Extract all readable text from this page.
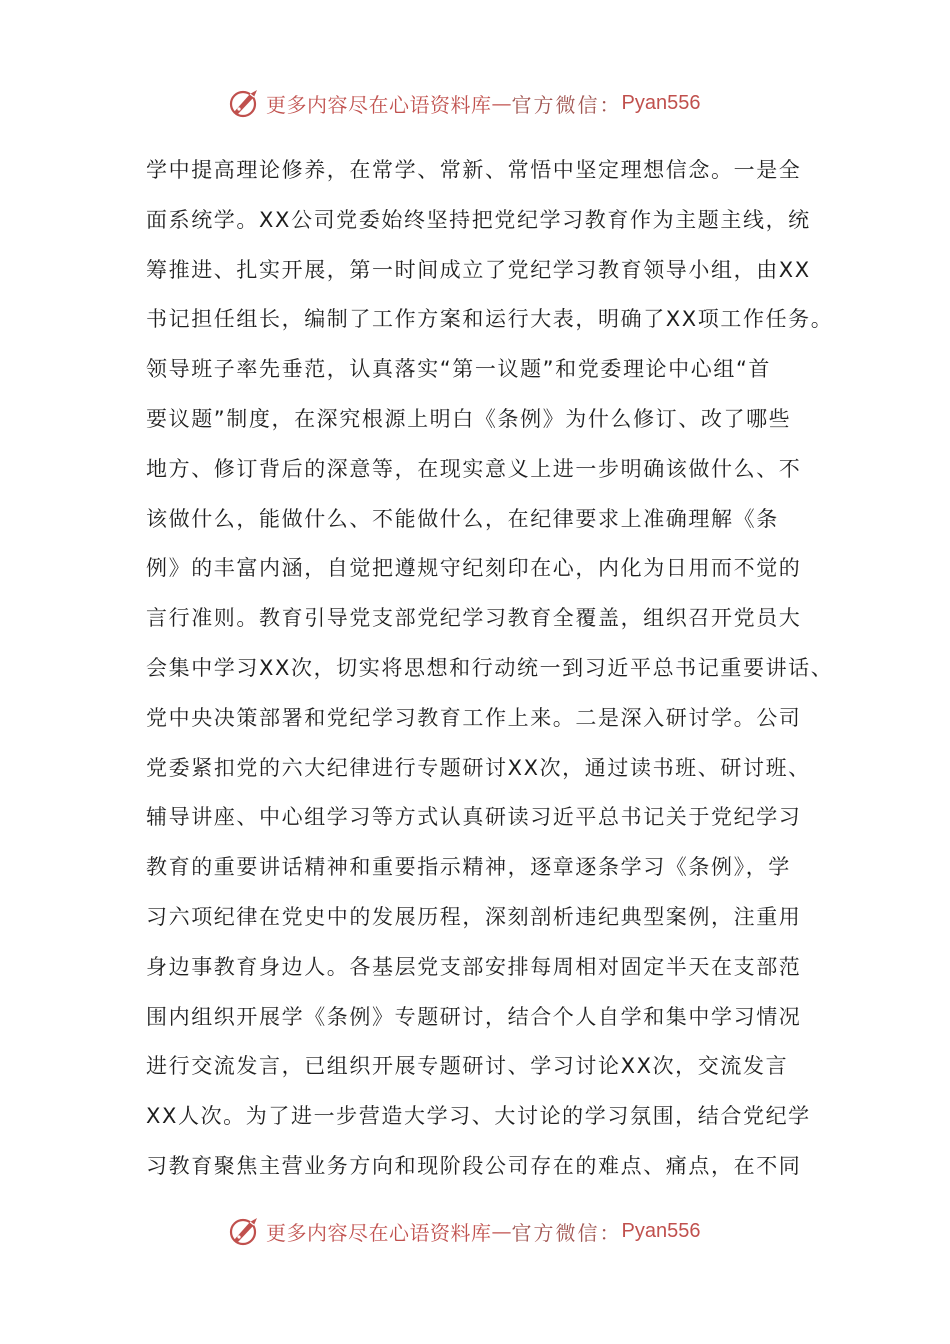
更多内容尽在心语资料库 — 官方微信： Pyan556
学中提高理论修养，在常学、常新、常悟中坚定理想信念。一是全
面系统学。XX公司党委始终坚持把党纪学习教育作为主题主线，统
筹推进、扎实开展，第一时间成立了党纪学习教育领导小组，由XX
书记担任组长，编制了工作方案和运行大表，明确了XX项工作任务。
领导班子率先垂范，认真落实“第一议题”和党委理论中心组“首
要议题”制度，在深究根源上明白《条例》为什么修订、改了哪些
地方、修订背后的深意等，在现实意义上进一步明确该做什么、不
该做什么，能做什么、不能做什么，在纪律要求上准确理解《条
例》的丰富内涵，自觉把遵规守纪刻印在心，内化为日用而不觉的
言行准则。教育引导党支部党纪学习教育全覆盖，组织召开党员大
会集中学习XX次，切实将思想和行动统一到习近平总书记重要讲话、
党中央决策部署和党纪学习教育工作上来。二是深入研讨学。公司
党委紧扣党的六大纪律进行专题研讨XX次，通过读书班、研讨班、
辅导讲座、中心组学习等方式认真研读习近平总书记关于党纪学习
教育的重要讲话精神和重要指示精神，逐章逐条学习《条例》，学
习六项纪律在党史中的发展历程，深刻剖析违纪典型案例，注重用
身边事教育身边人。各基层党支部安排每周相对固定半天在支部范
围内组织开展学《条例》专题研讨，结合个人自学和集中学习情况
进行交流发言，已组织开展专题研讨、学习讨论XX次，交流发言
XX人次。为了进一步营造大学习、大讨论的学习氛围，结合党纪学
习教育聚焦主营业务方向和现阶段公司存在的难点、痛点，在不同
更多内容尽在心语资料库 — 官方微信： Pyan556
